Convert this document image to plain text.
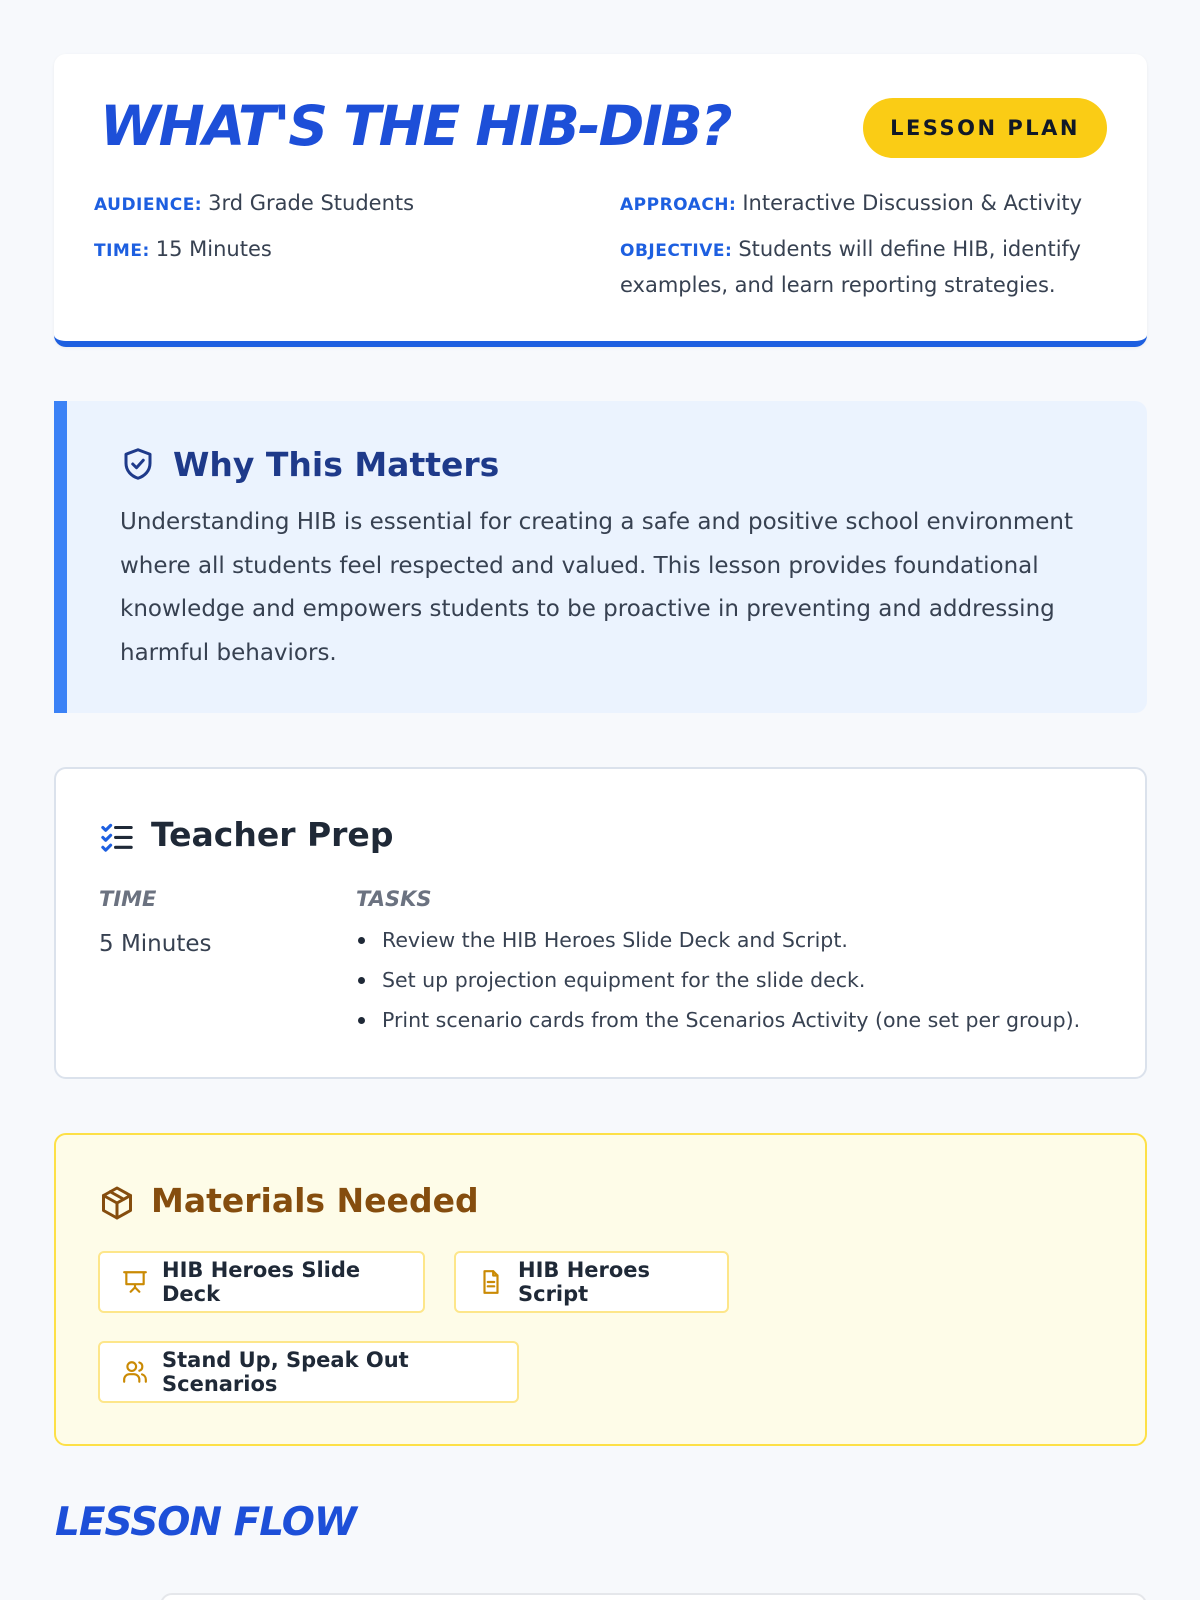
WHAT'S THE HIB-DIB?	LESSON PLAN
AUDIENCE: 3rd Grade Students
TIME: 15 Minutes
APPROACH: Interactive Discussion & Activity
OBJECTIVE: Students will define HIB, identify examples, and learn reporting strategies.
Why This Matters

Understanding HIB is essential for creating a safe and positive school environment where all students feel respected and valued. This lesson provides foundational knowledge and empowers students to be proactive in preventing and addressing harmful behaviors.

Teacher Prep
TIME	TASKS
5 Minutes	Review the HIB Heroes Slide Deck and Script.
Set up projection equipment for the slide deck.
Print scenario cards from the Scenarios Activity (one set per group).
Materials Needed
HIB Heroes Slide Deck
HIB Heroes Script
Stand Up, Speak Out Scenarios
LESSON FLOW
